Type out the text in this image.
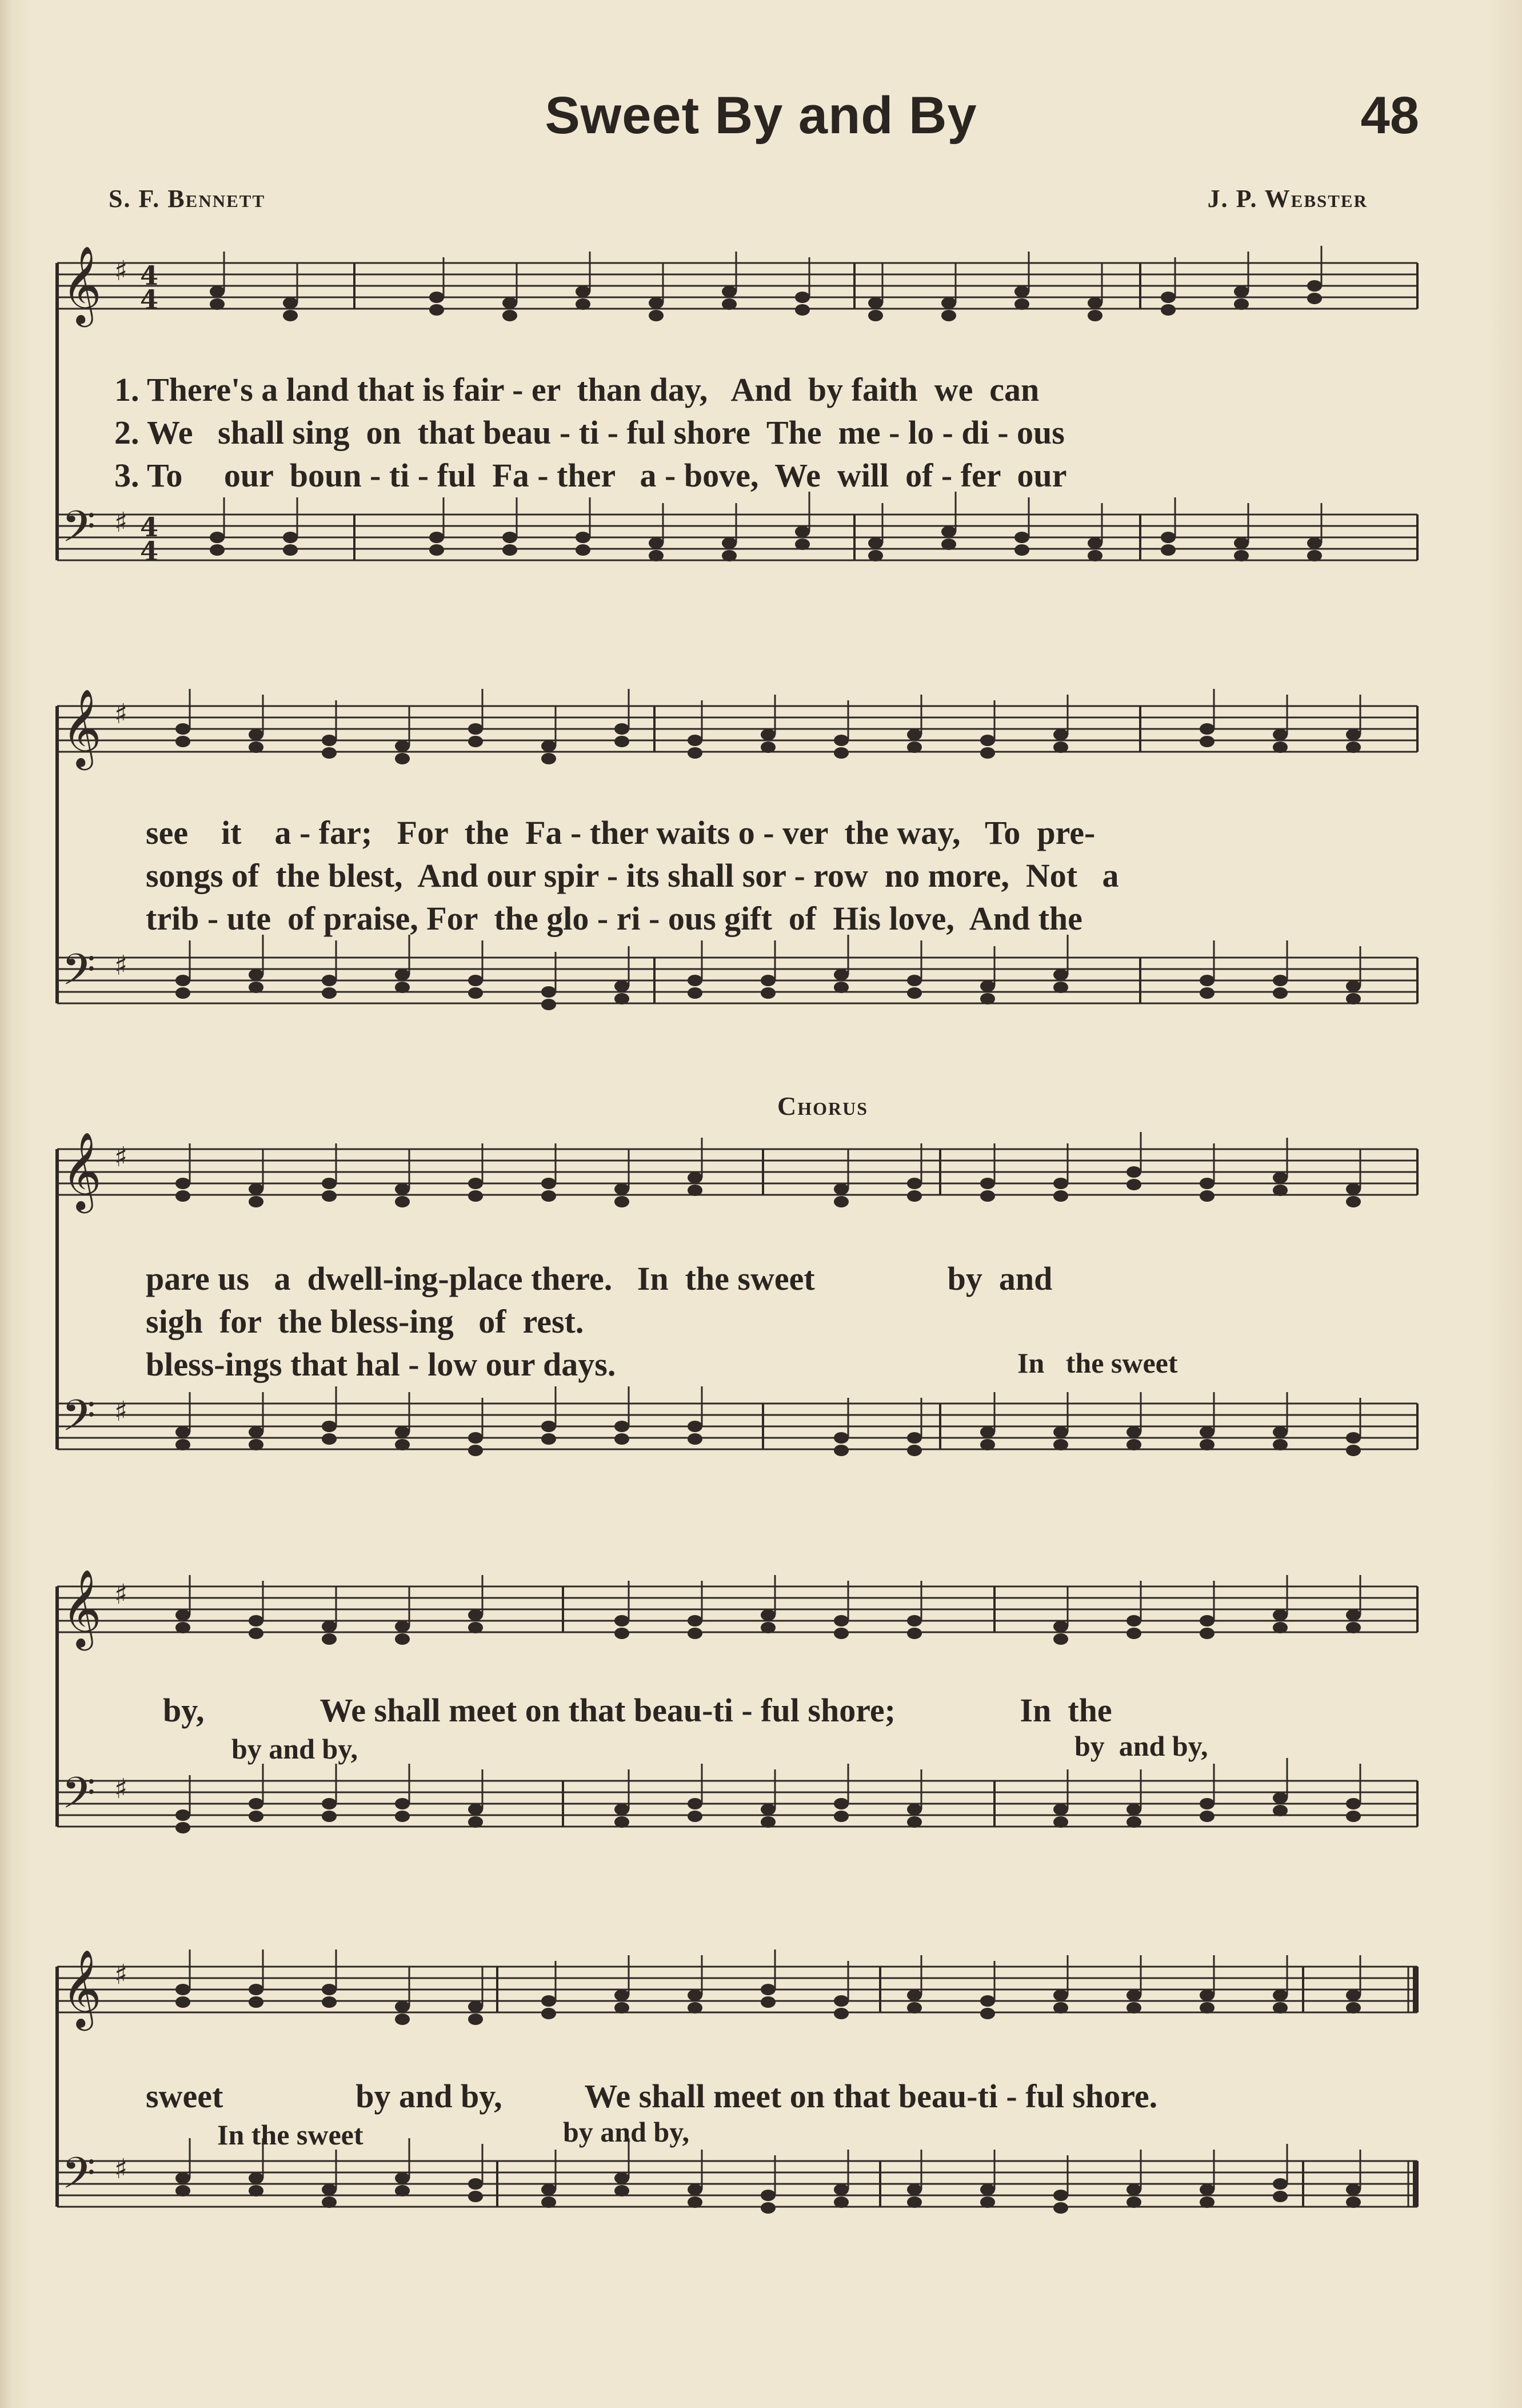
Sweet By and By	48
S. F. Bennett	J. P. Webster
𝄞 ♯ 4
4
𝄢 ♯ 4
4
𝄞 ♯
𝄢 ♯
𝄞 ♯
𝄢 ♯
𝄞 ♯
𝄢 ♯
𝄞 ♯
𝄢 ♯
1. There's a land that is fair - er  than day,   And  by faith  we  can
2. We   shall sing  on  that beau - ti - ful shore  The  me - lo - di - ous
3. To     our  boun - ti - ful  Fa - ther   a - bove,  We  will  of - fer  our
see    it    a - far;   For  the  Fa - ther waits o - ver  the way,   To  pre-
songs of  the blest,  And our spir - its shall sor - row  no more,  Not   a
trib - ute  of praise, For  the glo - ri - ous gift  of  His love,  And the
Chorus
pare us   a  dwell-ing-place there.   In  the sweet                by  and
sigh  for  the bless-ing   of  rest.
bless-ings that hal - low our days.	In   the sweet
by,              We shall meet on that beau-ti - ful shore;               In  the
by and by,	by  and by,
sweet                by and by,          We shall meet on that beau-ti - ful shore.
In the sweet	by and by,
